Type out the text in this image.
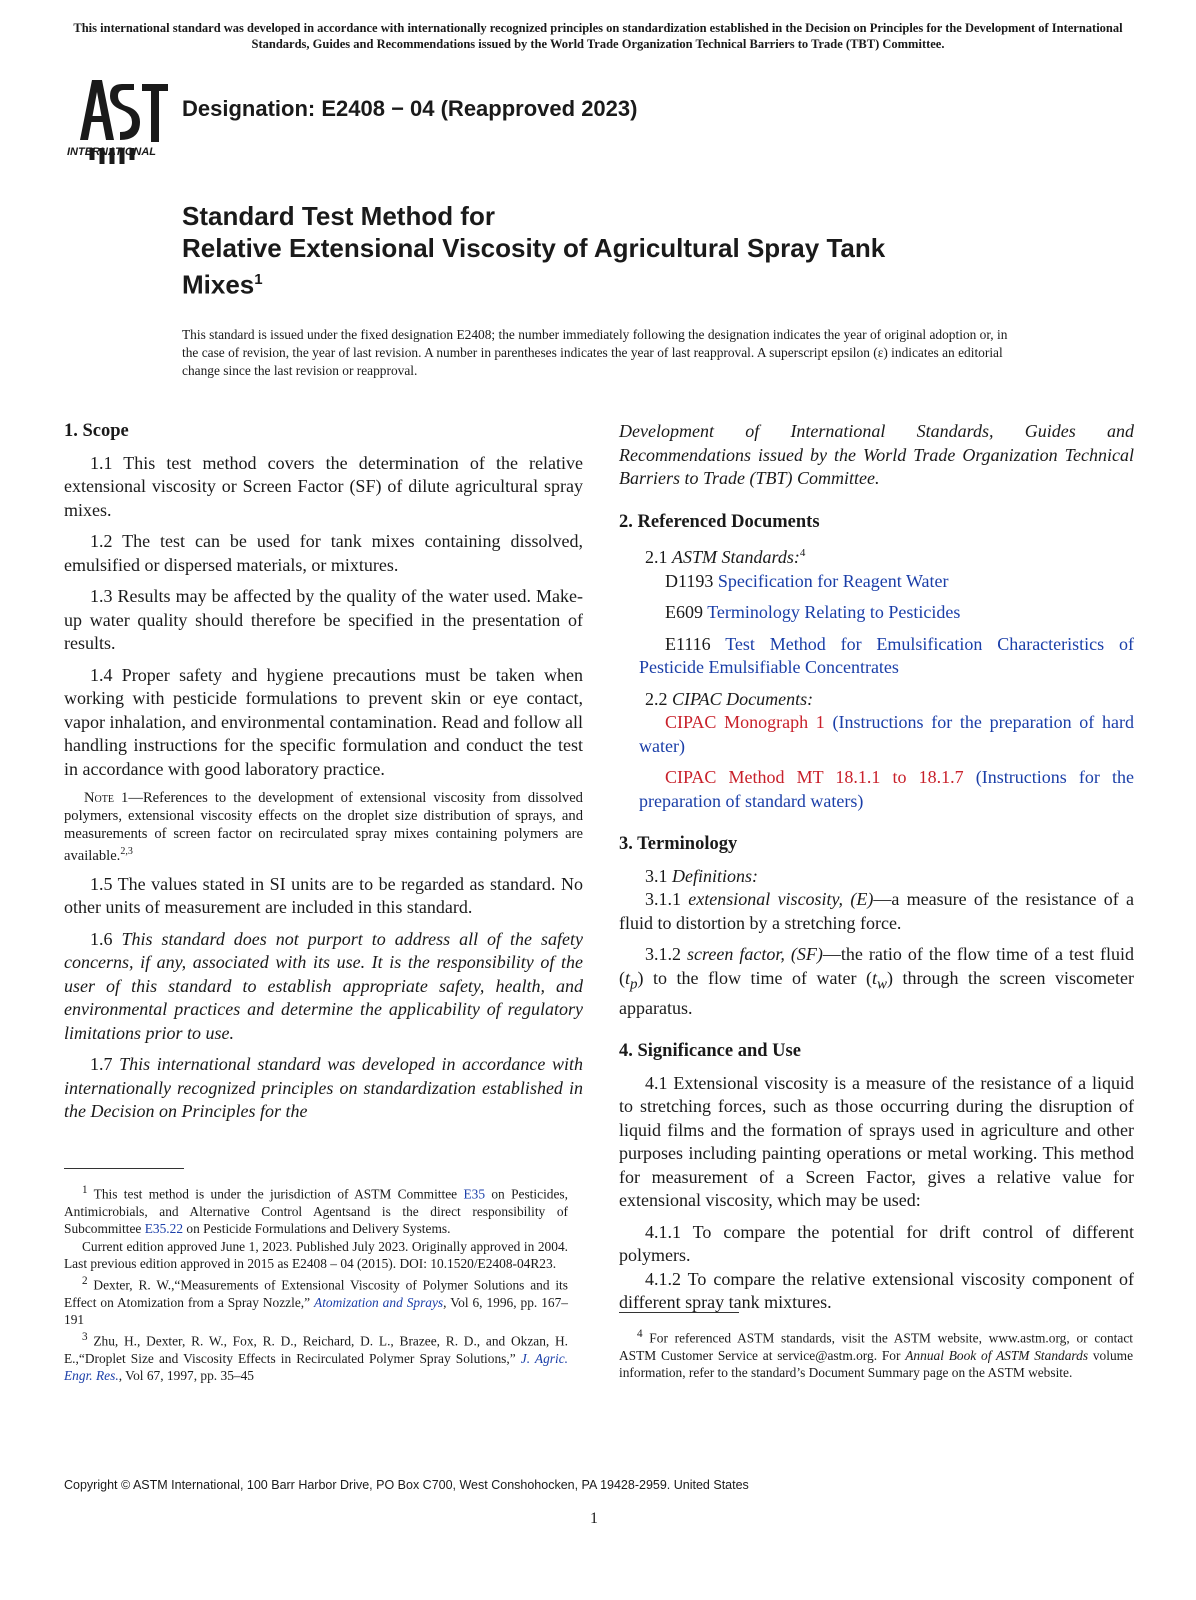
This international standard was developed in accordance with internationally recognized principles on standardization established in the Decision on Principles for the Development of International Standards, Guides and Recommendations issued by the World Trade Organization Technical Barriers to Trade (TBT) Committee.
INTERNATIONAL
Designation: E2408 − 04 (Reapproved 2023)
Standard Test Method for
Relative Extensional Viscosity of Agricultural Spray Tank
Mixes$^1$
This standard is issued under the fixed designation E2408; the number immediately following the designation indicates the year of original adoption or, in the case of revision, the year of last revision. A number in parentheses indicates the year of last reapproval. A superscript epsilon (ε) indicates an editorial change since the last revision or reapproval.
1. Scope

1.1 This test method covers the determination of the relative extensional viscosity or Screen Factor (SF) of dilute agricultural spray mixes.

1.2 The test can be used for tank mixes containing dissolved, emulsified or dispersed materials, or mixtures.

1.3 Results may be affected by the quality of the water used. Make-up water quality should therefore be specified in the presentation of results.

1.4 Proper safety and hygiene precautions must be taken when working with pesticide formulations to prevent skin or eye contact, vapor inhalation, and environmental contamination. Read and follow all handling instructions for the specific formulation and conduct the test in accordance with good laboratory practice.

Note 1—References to the development of extensional viscosity from dissolved polymers, extensional viscosity effects on the droplet size distribution of sprays, and measurements of screen factor on recirculated spray mixes containing polymers are available.$^{2,3}$

1.5 The values stated in SI units are to be regarded as standard. No other units of measurement are included in this standard.

1.6 This standard does not purport to address all of the safety concerns, if any, associated with its use. It is the responsibility of the user of this standard to establish appropriate safety, health, and environmental practices and determine the applicability of regulatory limitations prior to use.

1.7 This international standard was developed in accordance with internationally recognized principles on standardization established in the Decision on Principles for the

$^1$ This test method is under the jurisdiction of ASTM Committee E35 on Pesticides, Antimicrobials, and Alternative Control Agentsand is the direct responsibility of Subcommittee E35.22 on Pesticide Formulations and Delivery Systems.

Current edition approved June 1, 2023. Published July 2023. Originally approved in 2004. Last previous edition approved in 2015 as E2408 – 04 (2015). DOI: 10.1520/E2408-04R23.

$^2$ Dexter, R. W.,“Measurements of Extensional Viscosity of Polymer Solutions and its Effect on Atomization from a Spray Nozzle,” Atomization and Sprays, Vol 6, 1996, pp. 167–191

$^3$ Zhu, H., Dexter, R. W., Fox, R. D., Reichard, D. L., Brazee, R. D., and Okzan, H. E.,“Droplet Size and Viscosity Effects in Recirculated Polymer Spray Solutions,” J. Agric. Engr. Res., Vol 67, 1997, pp. 35–45

Development of International Standards, Guides and Recommendations issued by the World Trade Organization Technical Barriers to Trade (TBT) Committee.

2. Referenced Documents

2.1 ASTM Standards:$^4$

D1193 Specification for Reagent Water

E609 Terminology Relating to Pesticides

E1116 Test Method for Emulsification Characteristics of Pesticide Emulsifiable Concentrates

2.2 CIPAC Documents:

CIPAC Monograph 1 (Instructions for the preparation of hard water)

CIPAC Method MT 18.1.1 to 18.1.7 (Instructions for the preparation of standard waters)

3. Terminology

3.1 Definitions:

3.1.1 extensional viscosity, (E)—a measure of the resistance of a fluid to distortion by a stretching force.

3.1.2 screen factor, (SF)—the ratio of the flow time of a test fluid $(t_p)$ to the flow time of water $(t_w)$ through the screen viscometer apparatus.

4. Significance and Use

4.1 Extensional viscosity is a measure of the resistance of a liquid to stretching forces, such as those occurring during the disruption of liquid films and the formation of sprays used in agriculture and other purposes including painting operations or metal working. This method for measurement of a Screen Factor, gives a relative value for extensional viscosity, which may be used:

4.1.1 To compare the potential for drift control of different polymers.

4.1.2 To compare the relative extensional viscosity component of different spray tank mixtures.

$^4$ For referenced ASTM standards, visit the ASTM website, www.astm.org, or contact ASTM Customer Service at service@astm.org. For Annual Book of ASTM Standards volume information, refer to the standard’s Document Summary page on the ASTM website.

Copyright © ASTM International, 100 Barr Harbor Drive, PO Box C700, West Conshohocken, PA 19428-2959. United States
1
